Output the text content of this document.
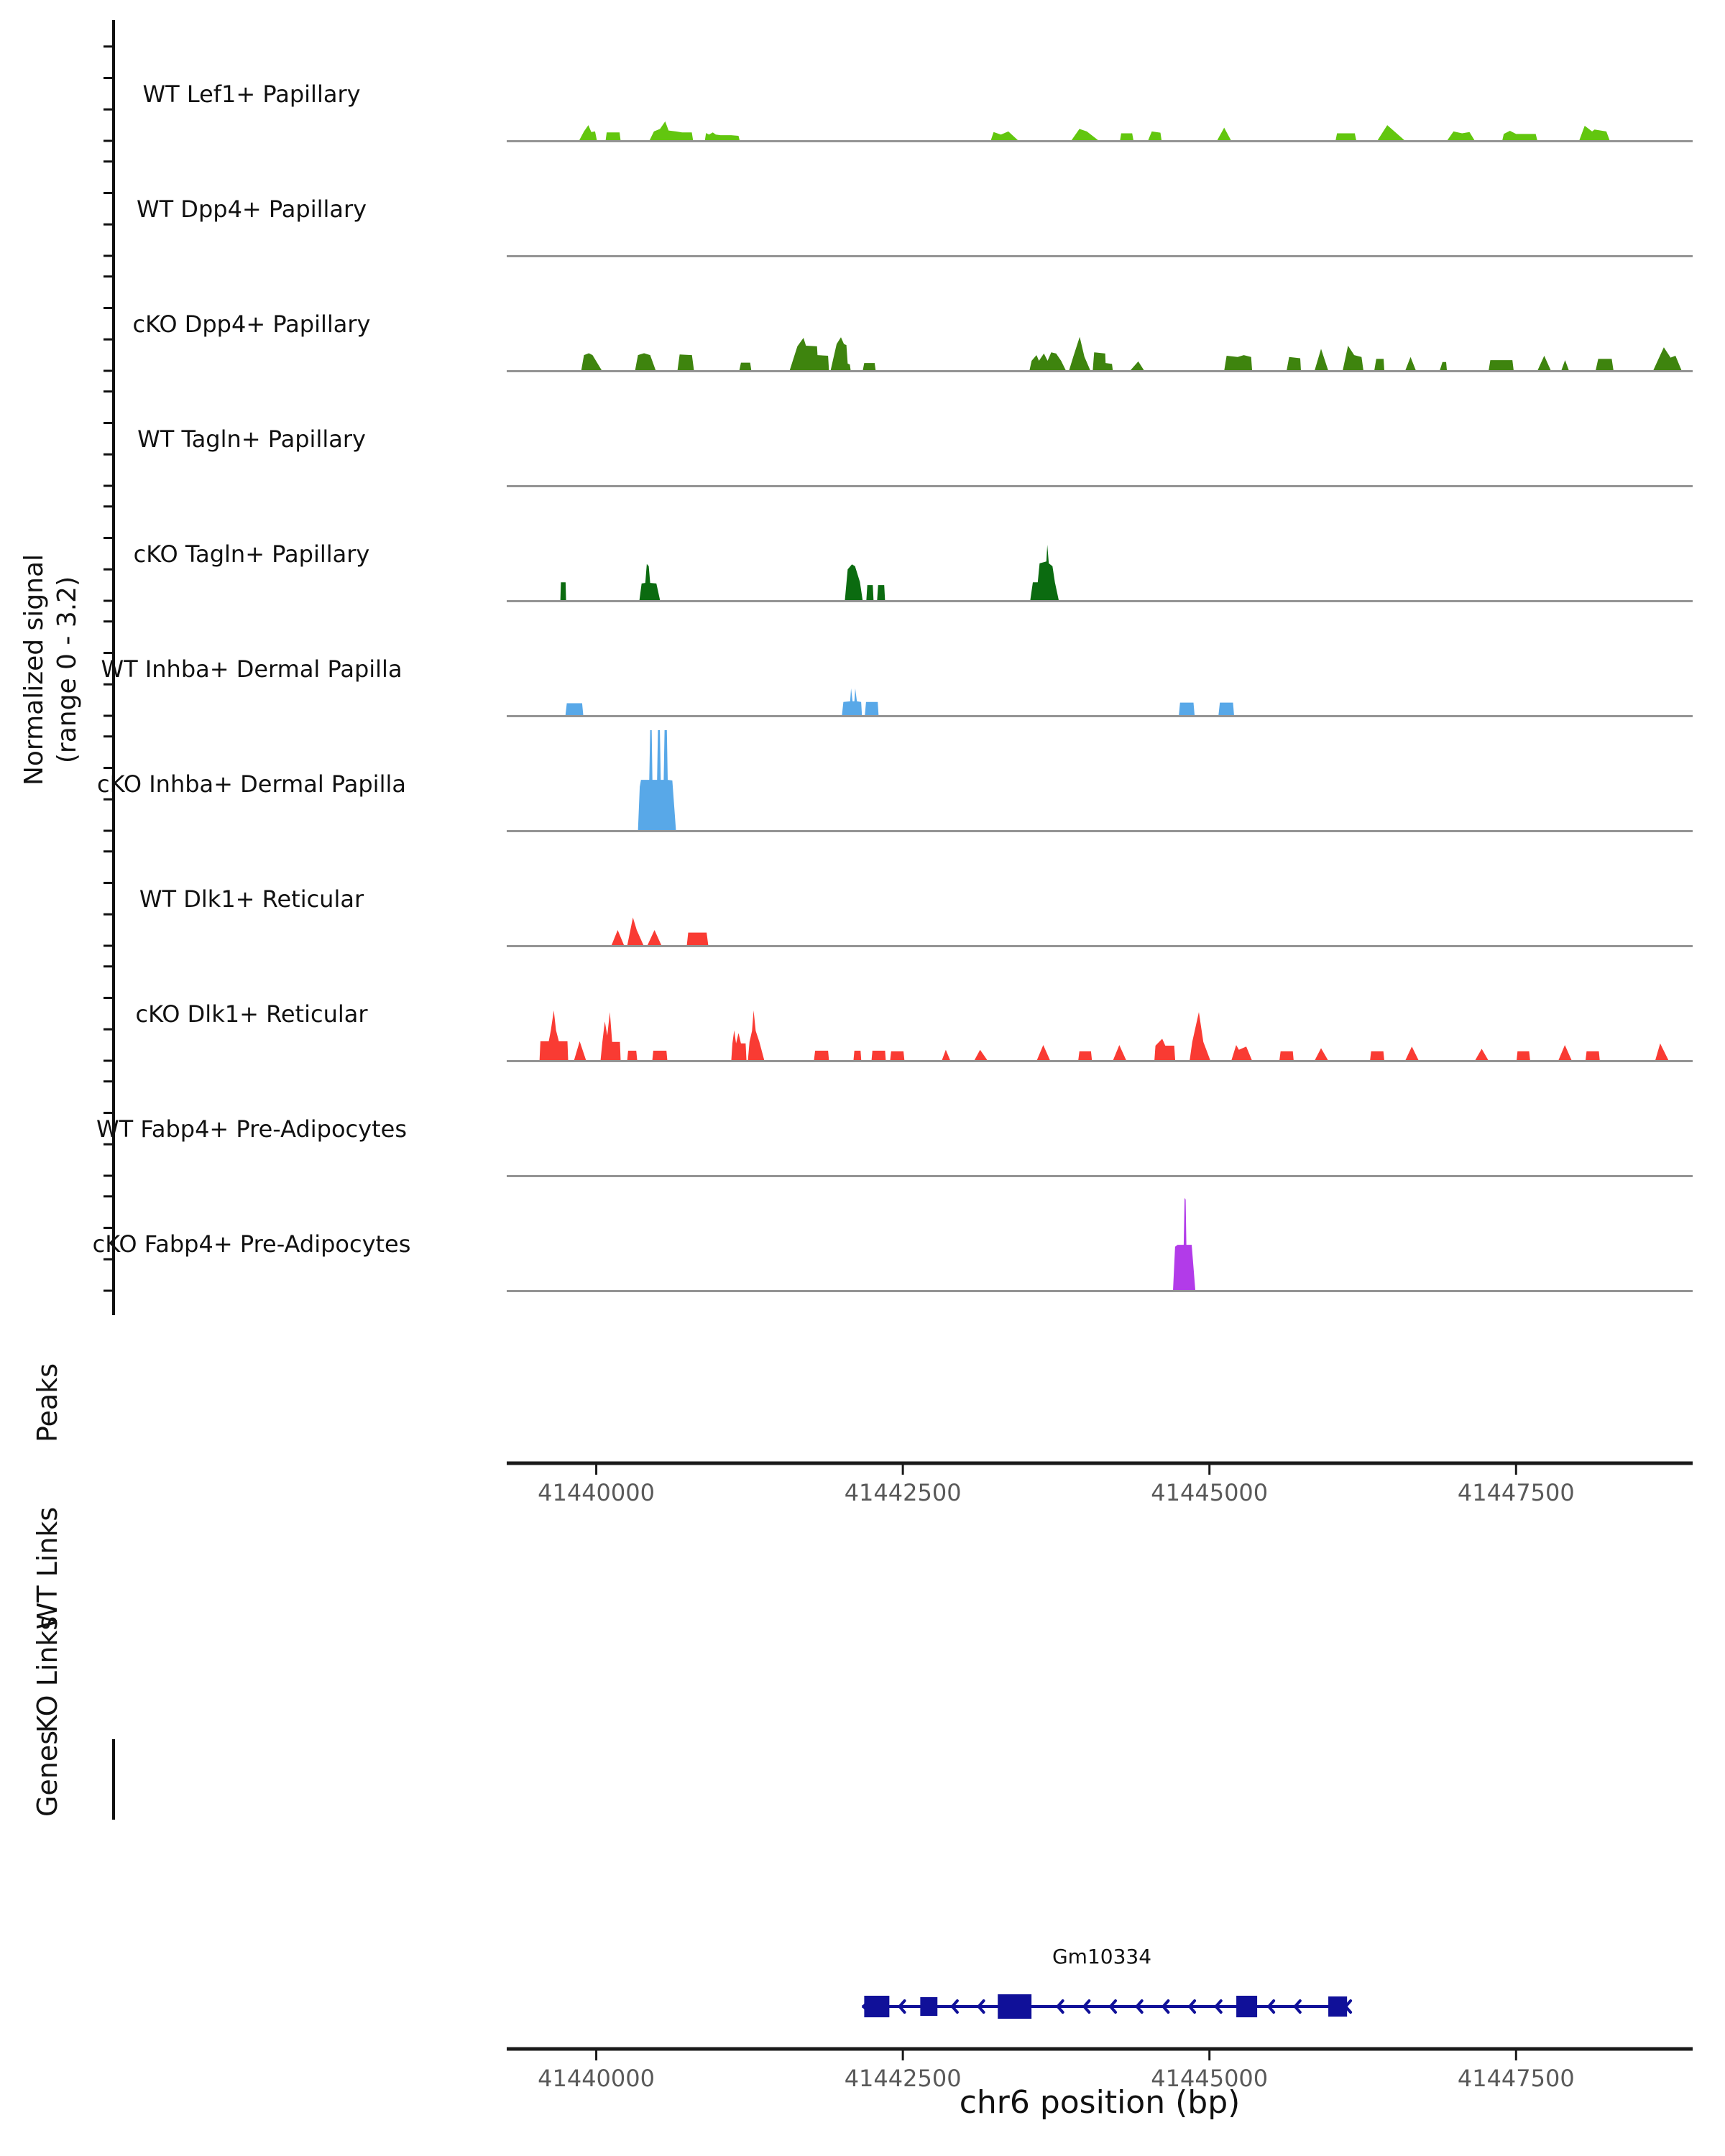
Normalized signal (range 0 - 3.2)
WT Lef1+ Papillary
WT Dpp4+ Papillary
cKO Dpp4+ Papillary
WT Tagln+ Papillary
cKO Tagln+ Papillary
WT Inhba+ Dermal Papilla
cKO Inhba+ Dermal Papilla
WT Dlk1+ Reticular
cKO Dlk1+ Reticular
WT Fabp4+ Pre-Adipocytes
cKO Fabp4+ Pre-Adipocytes
Peaks
WT Links
KO Links
Genes
41440000	41442500	41445000	41447500
Gm10334
41440000	41442500	41445000	41447500
chr6 position (bp)
